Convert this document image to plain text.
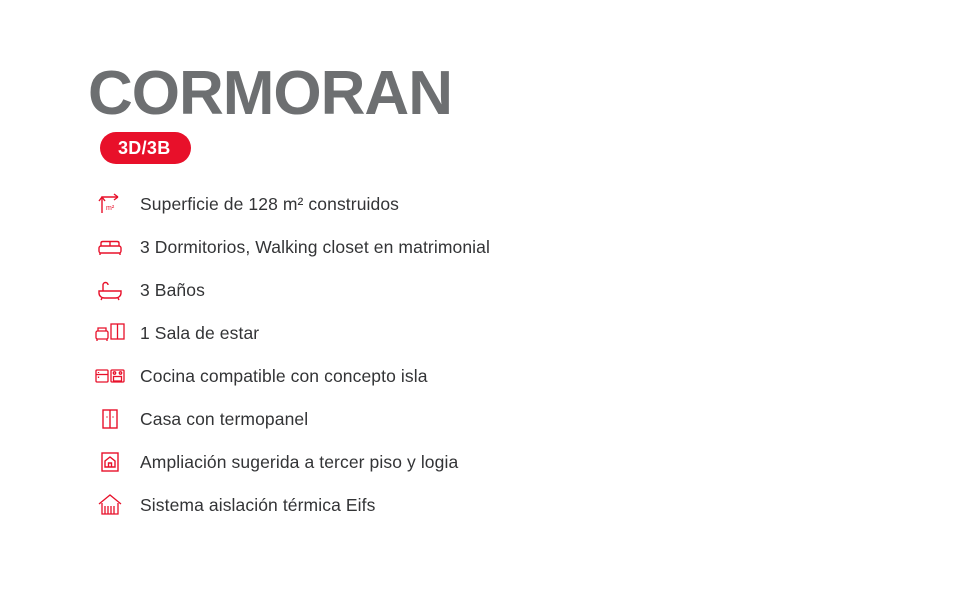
CORMORAN
3D/3B
m² Superficie de 128 m² construidos
3 Dormitorios, Walking closet en matrimonial
3 Baños
1 Sala de estar
Cocina compatible con concepto isla
Casa con termopanel
Ampliación sugerida a tercer piso y logia
Sistema aislación térmica Eifs
